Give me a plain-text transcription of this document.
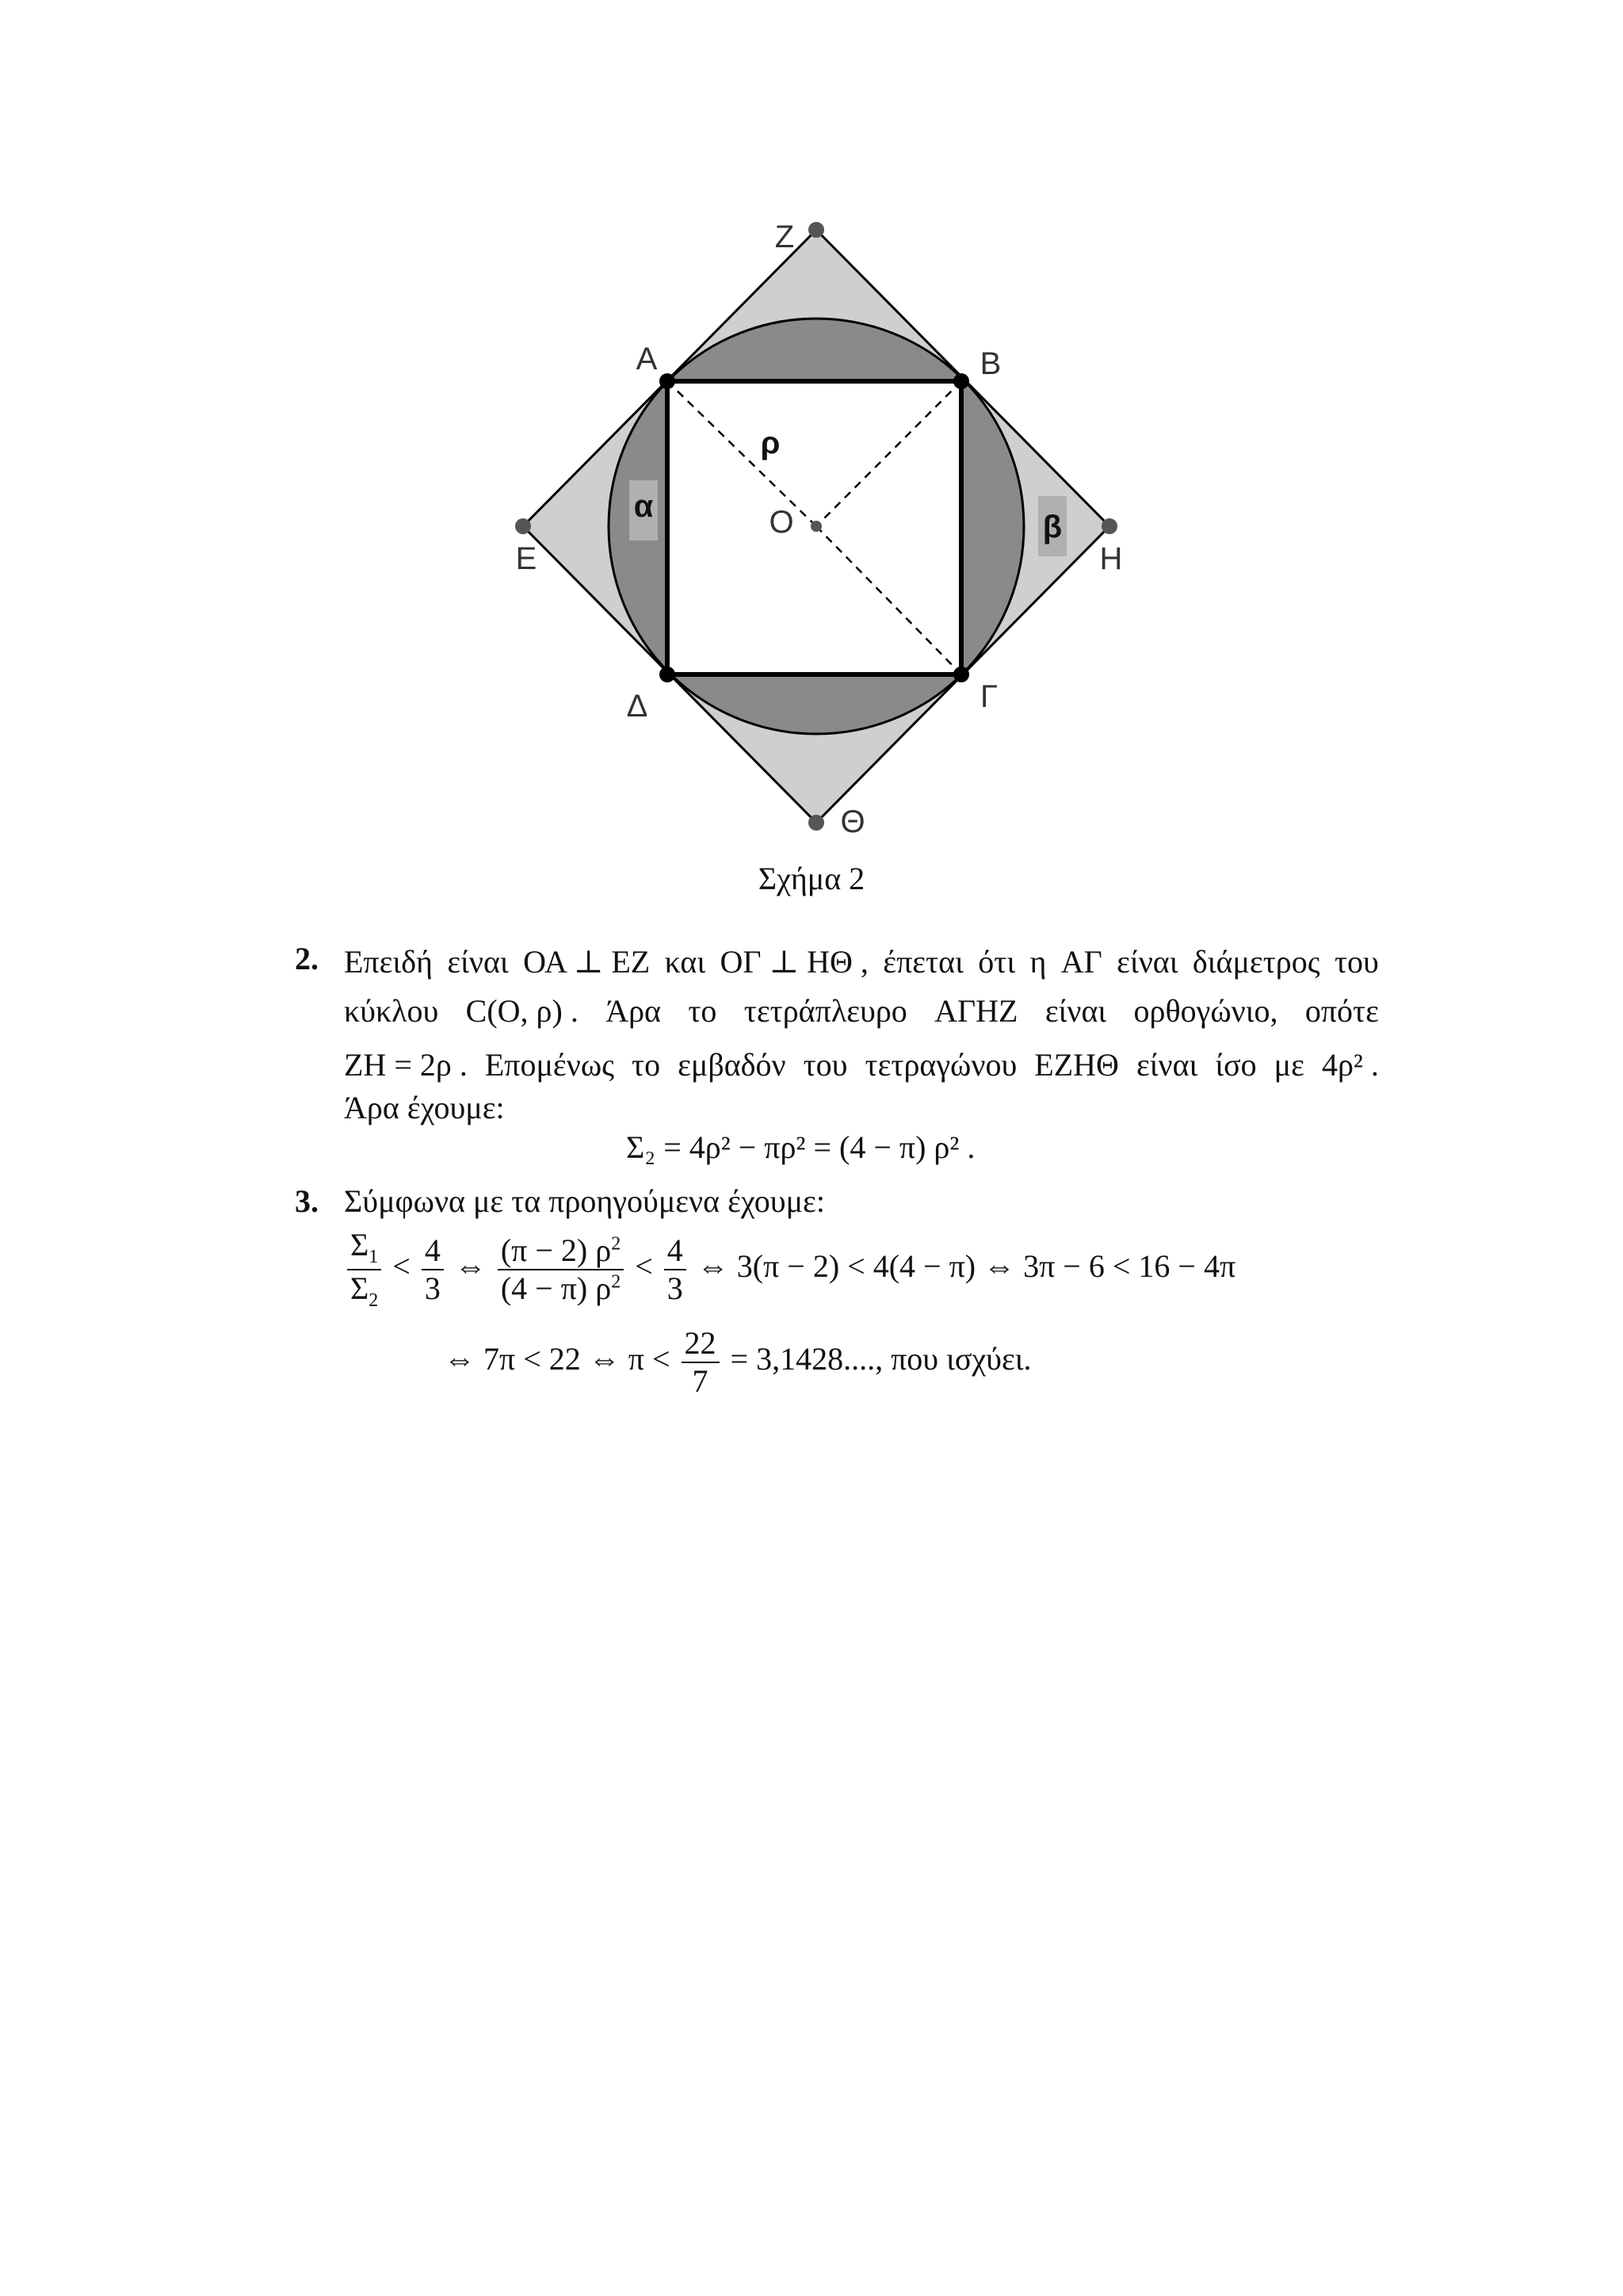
α
β
ρ
Ζ
Α	Β
Ε	Η
Ο
Δ	Γ
Θ
Σχήμα 2
2. Επειδή είναι ΟΑ ⊥ ΕΖ και ΟΓ ⊥ ΗΘ , έπεται ότι η ΑΓ είναι διάμετρος του
κύκλου C(Ο, ρ) . Άρα το τετράπλευρο ΑΓΗΖ είναι ορθογώνιο, οπότε
ΖΗ = 2ρ . Επομένως το εμβαδόν του τετραγώνου ΕΖΗΘ είναι ίσο με 4ρ² .
Άρα έχουμε:
Σ₂ = 4ρ² − πρ² = (4 − π) ρ² .
3. Σύμφωνα με τα προηγούμενα έχουμε:
$\frac{\Sigma_1}{\Sigma_2} < \frac{4}{3}$ ⇔ $\frac{(\pi - 2) \rho^2}{(4 - \pi) \rho^2} < \frac{4}{3}$ ⇔ 3(π − 2) < 4(4 − π) ⇔ 3π − 6 < 16 − 4π
⇔ 7π < 22 ⇔ $\pi < \frac{22}{7} = 3,1428$...., που ισχύει.
